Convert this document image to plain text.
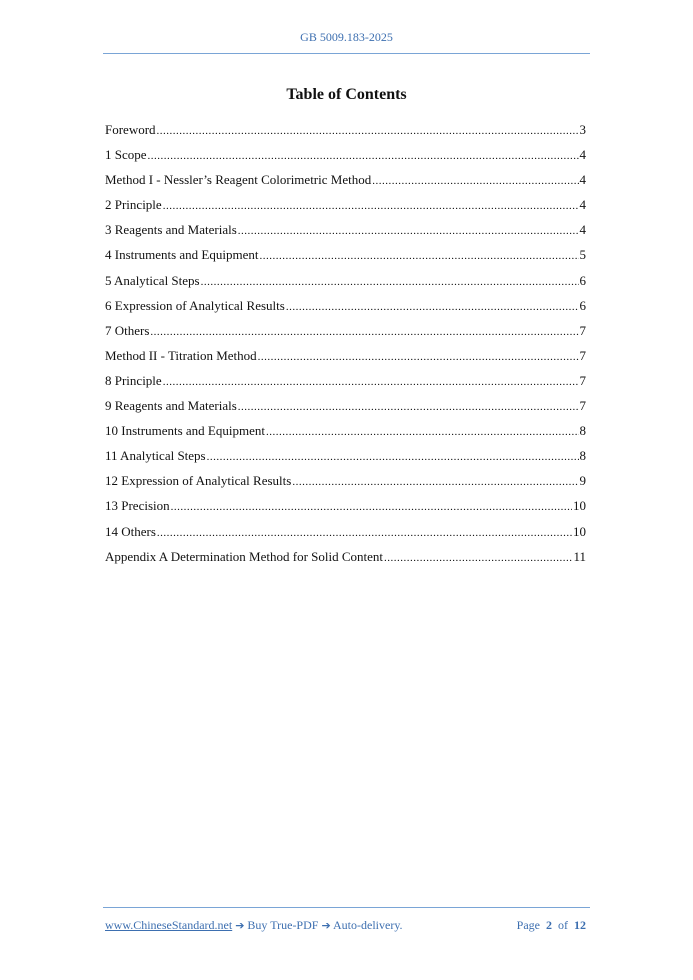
GB 5009.183-2025
Table of Contents
Foreword .....	3
1 Scope .....	4
Method I - Nessler’s Reagent Colorimetric Method .....	4
2 Principle .....	4
3 Reagents and Materials .....	4
4 Instruments and Equipment .....	5
5 Analytical Steps .....	6
6 Expression of Analytical Results .....	6
7 Others .....	7
Method II - Titration Method .....	7
8 Principle .....	7
9 Reagents and Materials .....	7
10 Instruments and Equipment .....	8
11 Analytical Steps .....	8
12 Expression of Analytical Results .....	9
13 Precision .....	10
14 Others .....	10
Appendix A Determination Method for Solid Content .....	11
www.ChineseStandard.net ➔ Buy True-PDF ➔ Auto-delivery.	Page 2 of 12
